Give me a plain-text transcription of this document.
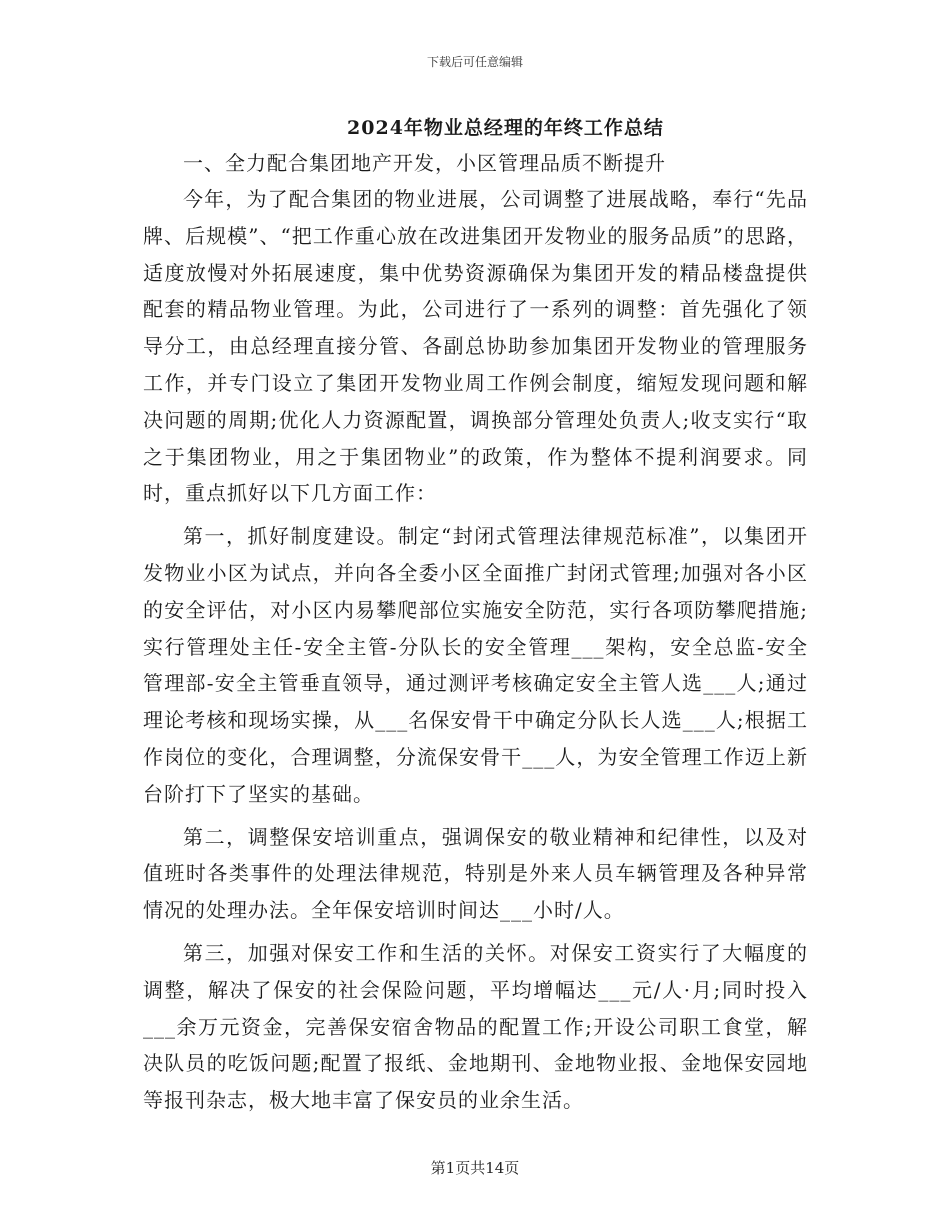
下载后可任意编辑
2024年物业总经理的年终工作总结

一、全力配合集团地产开发，小区管理品质不断提升

今年，为了配合集团的物业进展，公司调整了进展战略，奉行“先品牌、后规模”、“把工作重心放在改进集团开发物业的服务品质”的思路，适度放慢对外拓展速度，集中优势资源确保为集团开发的精品楼盘提供配套的精品物业管理。为此，公司进行了一系列的调整：首先强化了领导分工，由总经理直接分管、各副总协助参加集团开发物业的管理服务工作，并专门设立了集团开发物业周工作例会制度，缩短发现问题和解决问题的周期;优化人力资源配置，调换部分管理处负责人;收支实行“取之于集团物业，用之于集团物业”的政策，作为整体不提利润要求。同时，重点抓好以下几方面工作：

第一，抓好制度建设。制定“封闭式管理法律规范标准”，以集团开发物业小区为试点，并向各全委小区全面推广封闭式管理;加强对各小区的安全评估，对小区内易攀爬部位实施安全防范，实行各项防攀爬措施;实行管理处主任-安全主管-分队长的安全管理___架构，安全总监-安全管理部-安全主管垂直领导，通过测评考核确定安全主管人选___人;通过理论考核和现场实操，从___名保安骨干中确定分队长人选___人;根据工作岗位的变化，合理调整，分流保安骨干___人，为安全管理工作迈上新台阶打下了坚实的基础。

第二，调整保安培训重点，强调保安的敬业精神和纪律性，以及对值班时各类事件的处理法律规范，特别是外来人员车辆管理及各种异常情况的处理办法。全年保安培训时间达___小时/人。

第三，加强对保安工作和生活的关怀。对保安工资实行了大幅度的调整，解决了保安的社会保险问题，平均增幅达___元/人·月;同时投入___余万元资金，完善保安宿舍物品的配置工作;开设公司职工食堂，解决队员的吃饭问题;配置了报纸、金地期刊、金地物业报、金地保安园地等报刊杂志，极大地丰富了保安员的业余生活。

第1页共14页
